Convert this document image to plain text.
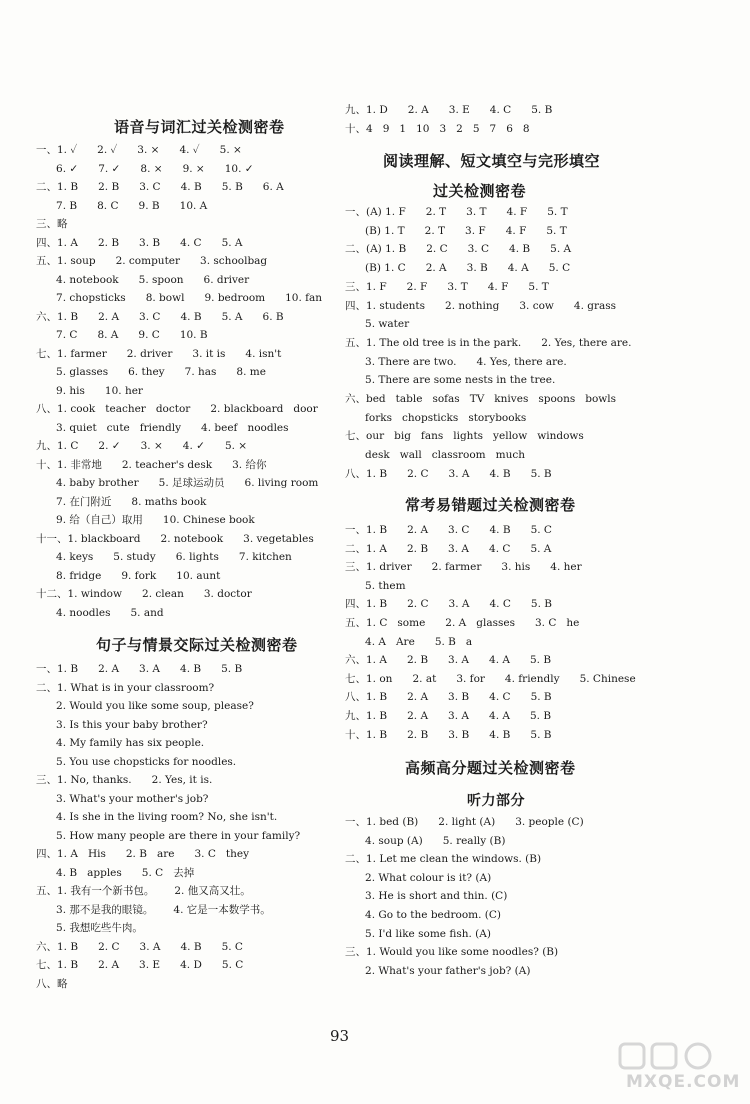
语音与词汇过关检测密卷
一、1. ✓      2. ✓      3. ×      4. ✓      5. ×
6. ✓      7. ✓      8. ×      9. ×      10. ✓
二、1. B      2. B      3. C      4. B      5. B      6. A
7. B      8. C      9. B      10. A
三、略
四、1. A      2. B      3. B      4. C      5. A
五、1. soup      2. computer      3. schoolbag
4. notebook      5. spoon      6. driver
7. chopsticks      8. bowl      9. bedroom      10. fan
六、1. B      2. A      3. C      4. B      5. A      6. B
7. C      8. A      9. C      10. B
七、1. farmer      2. driver      3. it is      4. isn't
5. glasses      6. they      7. has      8. me
9. his      10. her
八、1. cook   teacher   doctor      2. blackboard   door
3. quiet   cute   friendly      4. beef   noodles
九、1. C      2. ✓      3. ×      4. ✓      5. ×
十、1. 非常地      2. teacher's desk      3. 给你
4. baby brother      5. 足球运动员      6. living room
7. 在门附近      8. maths book
9. 给（自己）取用      10. Chinese book
十一、1. blackboard      2. notebook      3. vegetables
4. keys      5. study      6. lights      7. kitchen
8. fridge      9. fork      10. aunt
十二、1. window      2. clean      3. doctor
4. noodles      5. and
句子与情景交际过关检测密卷
一、1. B      2. A      3. A      4. B      5. B
二、1. What is in your classroom?
2. Would you like some soup, please?
3. Is this your baby brother?
4. My family has six people.
5. You use chopsticks for noodles.
三、1. No, thanks.      2. Yes, it is.
3. What's your mother's job?
4. Is she in the living room? No, she isn't.
5. How many people are there in your family?
四、1. A   His      2. B   are      3. C   they
4. B   apples      5. C   去掉
五、1. 我有一个新书包。      2. 他又高又壮。
3. 那不是我的眼镜。      4. 它是一本数学书。
5. 我想吃些牛肉。
六、1. B      2. C      3. A      4. B      5. C
七、1. B      2. A      3. E      4. D      5. C
八、略
九、1. D      2. A      3. E      4. C      5. B
十、4   9   1   10   3   2   5   7   6   8
阅读理解、短文填空与完形填空
过关检测密卷
一、(A) 1. F      2. T      3. T      4. F      5. T
(B) 1. T      2. T      3. F      4. F      5. T
二、(A) 1. B      2. C      3. C      4. B      5. A
(B) 1. C      2. A      3. B      4. A      5. C
三、1. F      2. F      3. T      4. F      5. T
四、1. students      2. nothing      3. cow      4. grass
5. water
五、1. The old tree is in the park.      2. Yes, there are.
3. There are two.      4. Yes, there are.
5. There are some nests in the tree.
六、bed   table   sofas   TV   knives   spoons   bowls
forks   chopsticks   storybooks
七、our   big   fans   lights   yellow   windows
desk   wall   classroom   much
八、1. B      2. C      3. A      4. B      5. B
常考易错题过关检测密卷
一、1. B      2. A      3. C      4. B      5. C
二、1. A      2. B      3. A      4. C      5. A
三、1. driver      2. farmer      3. his      4. her
5. them
四、1. B      2. C      3. A      4. C      5. B
五、1. C   some      2. A   glasses      3. C   he
4. A   Are      5. B   a
六、1. A      2. B      3. A      4. A      5. B
七、1. on      2. at      3. for      4. friendly      5. Chinese
八、1. B      2. A      3. B      4. C      5. B
九、1. B      2. A      3. A      4. A      5. B
十、1. B      2. B      3. B      4. B      5. B
高频高分题过关检测密卷
听力部分
一、1. bed (B)      2. light (A)      3. people (C)
4. soup (A)      5. really (B)
二、1. Let me clean the windows. (B)
2. What colour is it? (A)
3. He is short and thin. (C)
4. Go to the bedroom. (C)
5. I'd like some fish. (A)
三、1. Would you like some noodles? (B)
2. What's your father's job? (A)
93
MXQE.COM
